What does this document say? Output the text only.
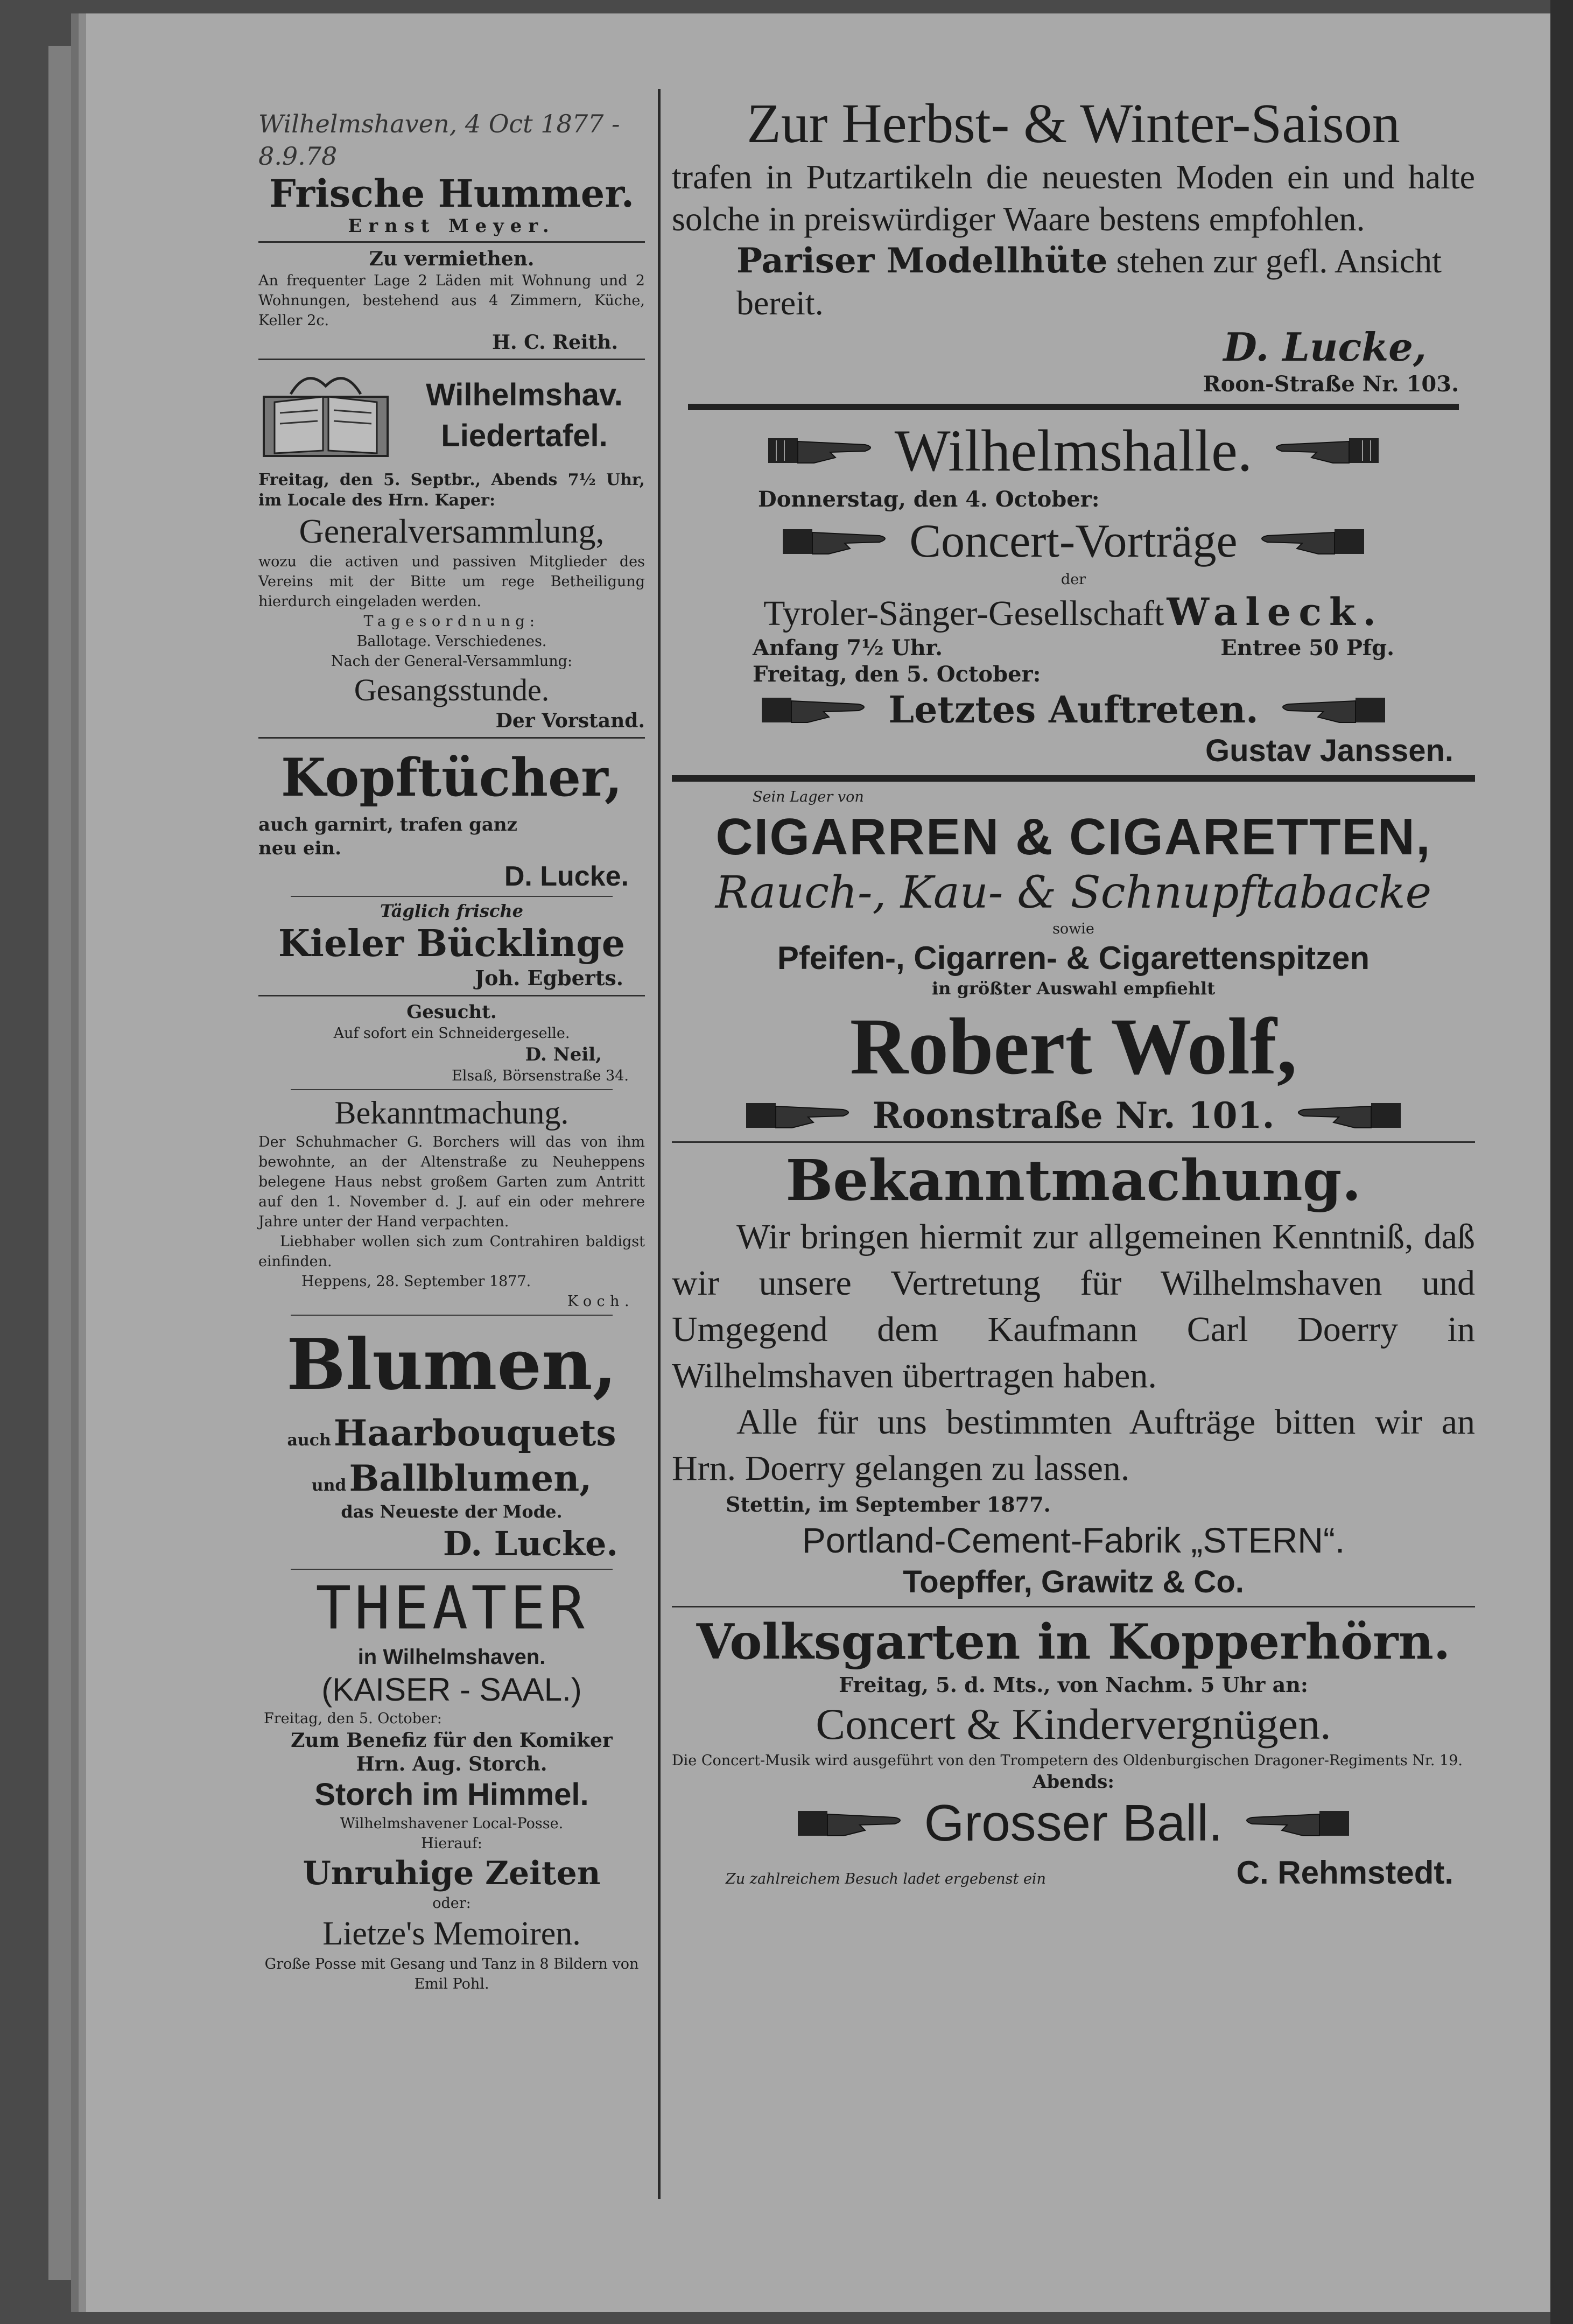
Wilhelmshaven, 4 Oct 1877 - 8.9.78
Frische Hummer.
Ernst Meyer.
Zu vermiethen.
An frequenter Lage 2 Läden mit Wohnung und 2 Wohnungen, bestehend aus 4 Zimmern, Küche, Keller 2c.
H. C. Reith.
Wilhelmshav.
Liedertafel.
Freitag, den 5. Septbr., Abends 7½ Uhr, im Locale des Hrn. Kaper:
Generalversammlung,
wozu die activen und passiven Mitglieder des Vereins mit der Bitte um rege Betheiligung hierdurch eingeladen werden.
Tagesordnung:
Ballotage. Verschiedenes.
Nach der General-Versammlung:
Gesangsstunde.
Der Vorstand.
Kopftücher,
auch garnirt, trafen ganz neu ein.
D. Lucke.
Täglich frische
Kieler Bücklinge
Joh. Egberts.
Gesucht.
Auf sofort ein Schneidergeselle.
D. Neil,
Elsaß, Börsenstraße 34.
Bekanntmachung.
Der Schuhmacher G. Borchers will das von ihm bewohnte, an der Altenstraße zu Neuheppens belegene Haus nebst großem Garten zum Antritt auf den 1. November d. J. auf ein oder mehrere Jahre unter der Hand verpachten.
Liebhaber wollen sich zum Contrahiren baldigst einfinden.
Heppens, 28. September 1877.
Koch.
Blumen,
auch Haarbouquets
und Ballblumen,
das Neueste der Mode.
D. Lucke.
THEATER
in Wilhelmshaven.
(KAISER - SAAL.)
Freitag, den 5. October:
Zum Benefiz für den Komiker
Hrn. Aug. Storch.
Storch im Himmel.
Wilhelmshavener Local-Posse.
Hierauf:
Unruhige Zeiten
oder:
Lietze's Memoiren.
Große Posse mit Gesang und Tanz in 8 Bildern von Emil Pohl.
Zur Herbst- & Winter-Saison
trafen in Putzartikeln die neuesten Moden ein und halte solche in preiswürdiger Waare bestens empfohlen.
Pariser Modellhüte stehen zur gefl. Ansicht bereit.
D. Lucke,
Roon-Straße Nr. 103.
Wilhelmshalle.
Donnerstag, den 4. October:
Concert-Vorträge
der
Tyroler-Sänger-Gesellschaft Waleck.
Anfang 7½ Uhr.	Entree 50 Pfg.
Freitag, den 5. October:
Letztes Auftreten.
Gustav Janssen.
Sein Lager von
CIGARREN & CIGARETTEN,
Rauch-, Kau- & Schnupftabacke
sowie
Pfeifen-, Cigarren- & Cigarettenspitzen
in größter Auswahl empfiehlt
Robert Wolf,
Roonstraße Nr. 101.
Bekanntmachung.
Wir bringen hiermit zur allgemeinen Kenntniß, daß wir unsere Vertretung für Wilhelmshaven und Umgegend dem Kaufmann Carl Doerry in Wilhelmshaven übertragen haben.
Alle für uns bestimmten Aufträge bitten wir an Hrn. Doerry gelangen zu lassen.
Stettin, im September 1877.
Portland-Cement-Fabrik „STERN“.
Toepffer, Grawitz & Co.
Volksgarten in Kopperhörn.
Freitag, 5. d. Mts., von Nachm. 5 Uhr an:
Concert & Kindervergnügen.
Die Concert-Musik wird ausgeführt von den Trompetern des Oldenburgischen Dragoner-Regiments Nr. 19.
Abends:
Grosser Ball.
Zu zahlreichem Besuch ladet ergebenst ein	C. Rehmstedt.
